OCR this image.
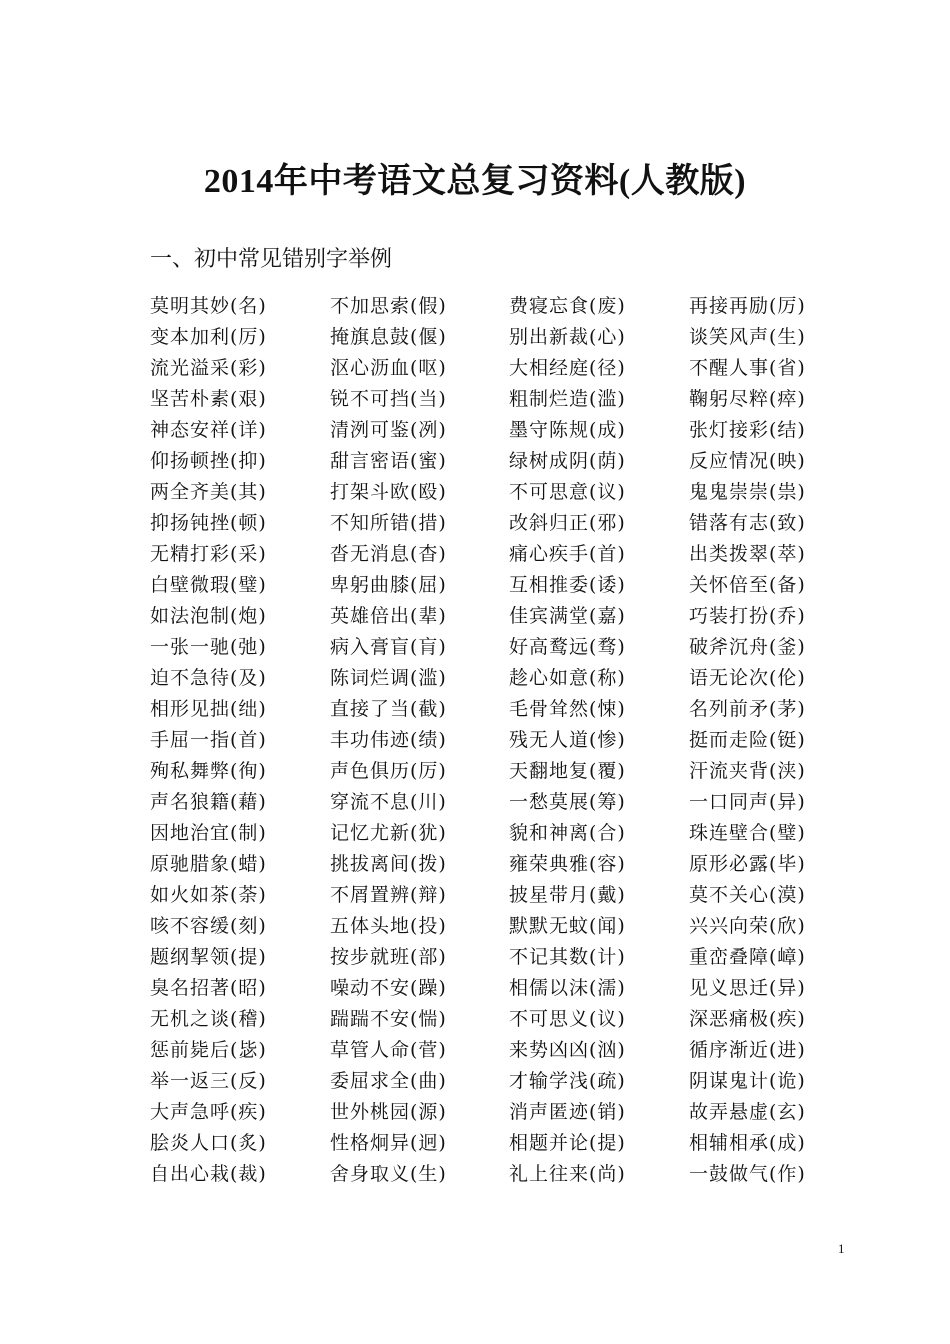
2014年中考语文总复习资料(人教版)
一、初中常见错别字举例
莫明其妙(名)	不加思索(假)	费寝忘食(废)	再接再励(厉)
变本加利(厉)	掩旗息鼓(偃)	别出新裁(心)	谈笑风声(生)
流光溢采(彩)	沤心沥血(呕)	大相经庭(径)	不醒人事(省)
坚苦朴素(艰)	锐不可挡(当)	粗制烂造(滥)	鞠躬尽粹(瘁)
神态安祥(详)	清洌可鉴(冽)	墨守陈规(成)	张灯接彩(结)
仰扬顿挫(抑)	甜言密语(蜜)	绿树成阴(荫)	反应情况(映)
两全齐美(其)	打架斗欧(殴)	不可思意(议)	鬼鬼崇崇(祟)
抑扬钝挫(顿)	不知所错(措)	改斜归正(邪)	错落有志(致)
无精打彩(采)	沓无消息(杳)	痛心疾手(首)	出类拨翠(萃)
白壁微瑕(璧)	卑躬曲膝(屈)	互相推委(诿)	关怀倍至(备)
如法泡制(炮)	英雄倍出(辈)	佳宾满堂(嘉)	巧装打扮(乔)
一张一驰(弛)	病入膏盲(肓)	好高鹜远(骛)	破斧沉舟(釜)
迫不急待(及)	陈词烂调(滥)	趁心如意(称)	语无论次(伦)
相形见拙(绌)	直接了当(截)	毛骨耸然(悚)	名列前矛(茅)
手屈一指(首)	丰功伟迹(绩)	残无人道(惨)	挺而走险(铤)
殉私舞弊(徇)	声色俱历(厉)	天翻地复(覆)	汗流夹背(浃)
声名狼籍(藉)	穿流不息(川)	一愁莫展(筹)	一口同声(异)
因地治宜(制)	记忆尤新(犹)	貌和神离(合)	珠连壁合(璧)
原驰腊象(蜡)	挑拔离间(拨)	雍荣典雅(容)	原形必露(毕)
如火如茶(荼)	不屑置辨(辩)	披星带月(戴)	莫不关心(漠)
咳不容缓(刻)	五体头地(投)	默默无蚊(闻)	兴兴向荣(欣)
题纲挈领(提)	按步就班(部)	不记其数(计)	重峦叠障(嶂)
臭名招著(昭)	噪动不安(躁)	相儒以沫(濡)	见义思迁(异)
无机之谈(稽)	踹踹不安(惴)	不可思义(议)	深恶痛极(疾)
惩前毙后(毖)	草管人命(菅)	来势凶凶(汹)	循序渐近(进)
举一返三(反)	委屈求全(曲)	才输学浅(疏)	阴谋鬼计(诡)
大声急呼(疾)	世外桃园(源)	消声匿迹(销)	故弄悬虚(玄)
脍炎人口(炙)	性格炯异(迥)	相题并论(提)	相辅相承(成)
自出心栽(裁)	舍身取义(生)	礼上往来(尚)	一鼓做气(作)
1
